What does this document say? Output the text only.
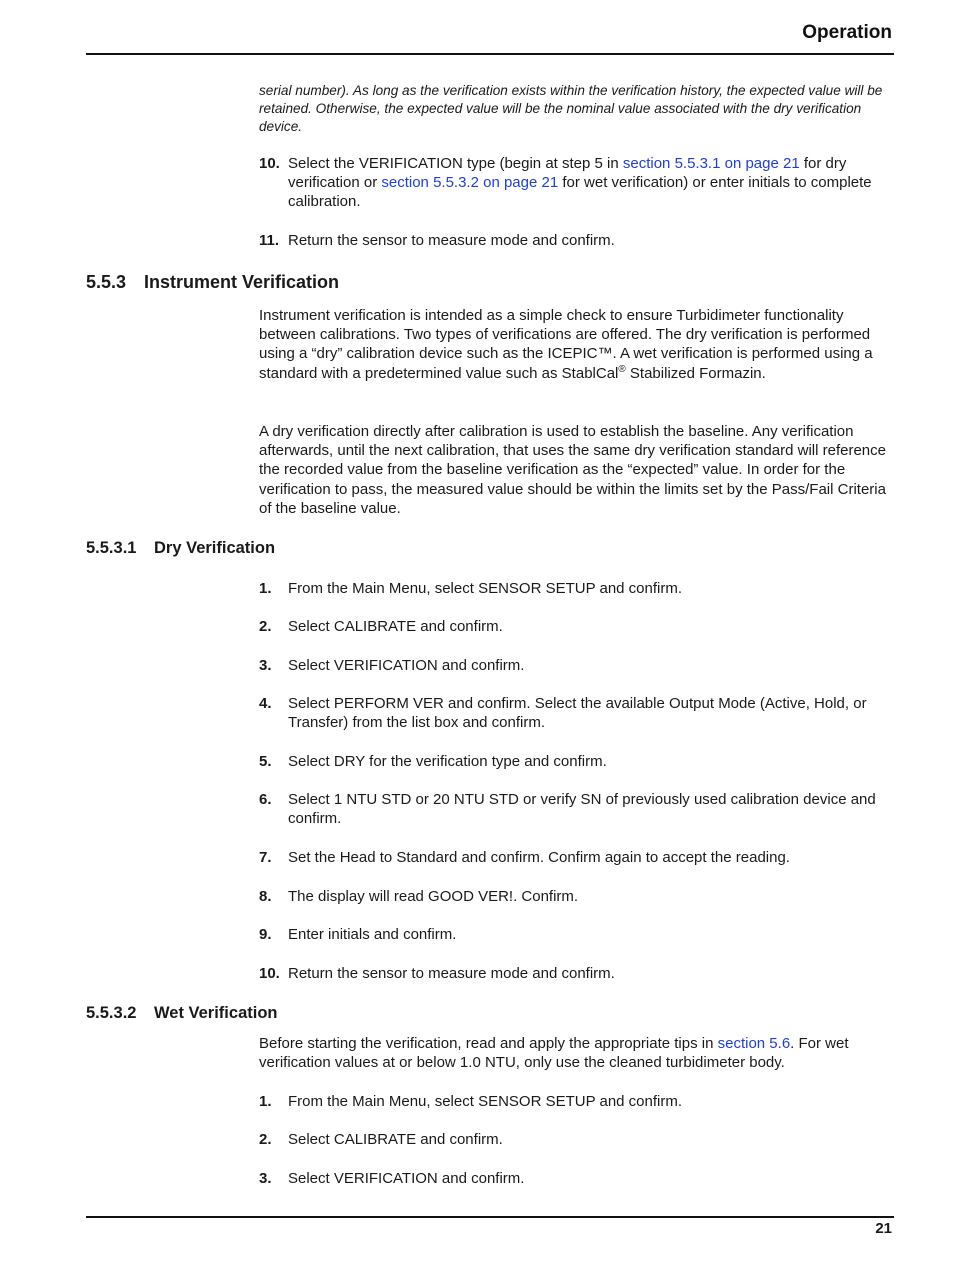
Operation
serial number). As long as the verification exists within the verification history, the expected value will be retained. Otherwise, the expected value will be the nominal value associated with the dry verification device.
10. Select the VERIFICATION type (begin at step 5 in section 5.5.3.1 on page 21 for dry verification or section 5.5.3.2 on page 21 for wet verification) or enter initials to complete calibration.
11. Return the sensor to measure mode and confirm.
5.5.3 Instrument Verification
Instrument verification is intended as a simple check to ensure Turbidimeter functionality between calibrations. Two types of verifications are offered. The dry verification is performed using a “dry” calibration device such as the ICEPIC™. A wet verification is performed using a standard with a predetermined value such as StablCal® Stabilized Formazin.
A dry verification directly after calibration is used to establish the baseline. Any verification afterwards, until the next calibration, that uses the same dry verification standard will reference the recorded value from the baseline verification as the “expected” value. In order for the verification to pass, the measured value should be within the limits set by the Pass/Fail Criteria of the baseline value.
5.5.3.1 Dry Verification
1. From the Main Menu, select SENSOR SETUP and confirm.
2. Select CALIBRATE and confirm.
3. Select VERIFICATION and confirm.
4. Select PERFORM VER and confirm. Select the available Output Mode (Active, Hold, or Transfer) from the list box and confirm.
5. Select DRY for the verification type and confirm.
6. Select 1 NTU STD or 20 NTU STD or verify SN of previously used calibration device and confirm.
7. Set the Head to Standard and confirm. Confirm again to accept the reading.
8. The display will read GOOD VER!. Confirm.
9. Enter initials and confirm.
10. Return the sensor to measure mode and confirm.
5.5.3.2 Wet Verification
Before starting the verification, read and apply the appropriate tips in section 5.6. For wet verification values at or below 1.0 NTU, only use the cleaned turbidimeter body.
1. From the Main Menu, select SENSOR SETUP and confirm.
2. Select CALIBRATE and confirm.
3. Select VERIFICATION and confirm.
21
